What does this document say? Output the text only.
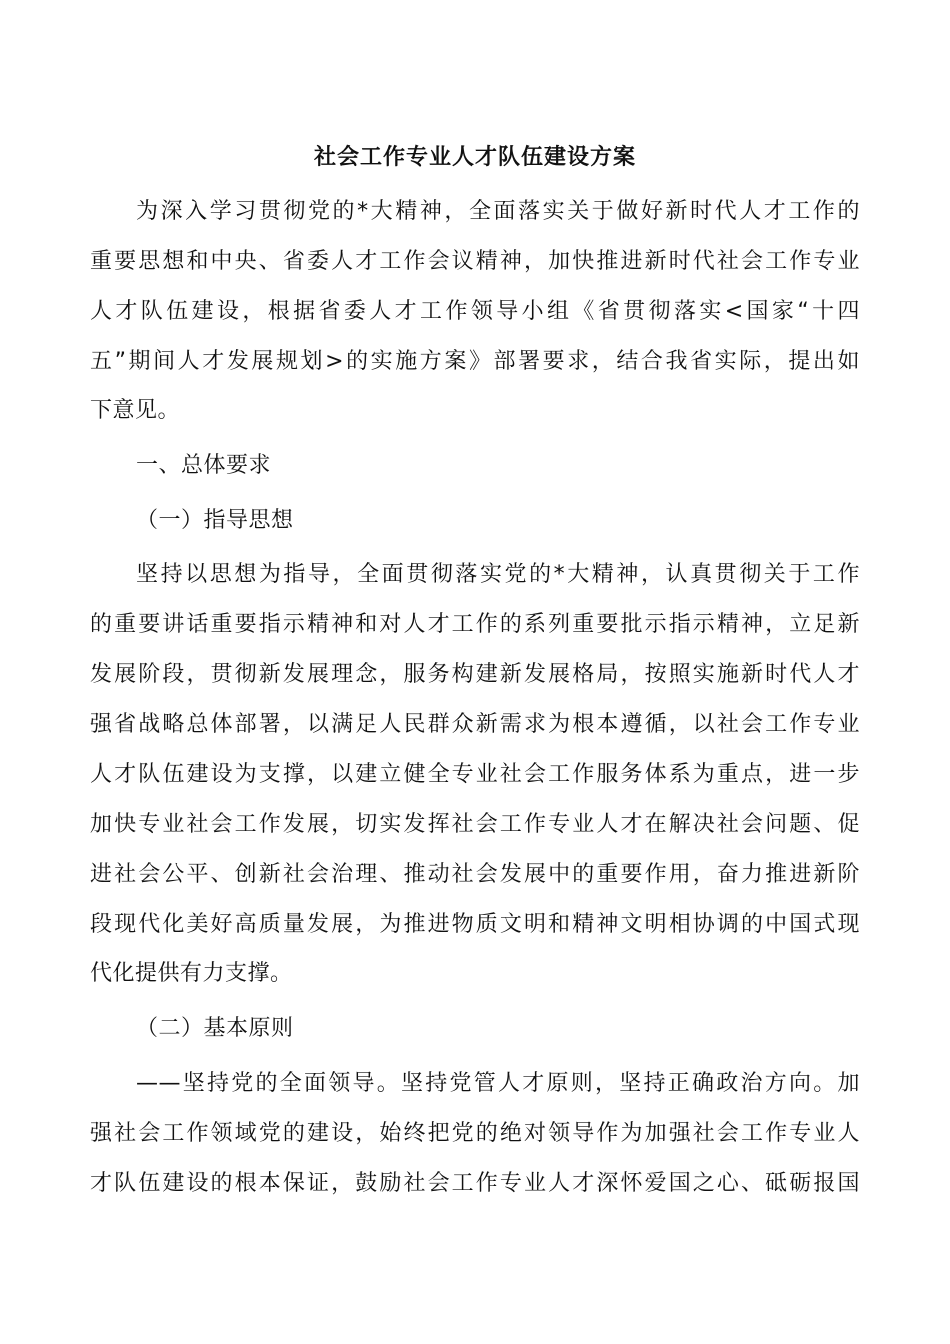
社会工作专业人才队伍建设方案
为深入学习贯彻党的*大精神，全面落实关于做好新时代人才工作的
重要思想和中央、省委人才工作会议精神，加快推进新时代社会工作专业
人才队伍建设，根据省委人才工作领导小组《省贯彻落实<国家“十四
五”期间人才发展规划>的实施方案》部署要求，结合我省实际，提出如
下意见。
一、总体要求
（一）指导思想
坚持以思想为指导，全面贯彻落实党的*大精神，认真贯彻关于工作
的重要讲话重要指示精神和对人才工作的系列重要批示指示精神，立足新
发展阶段，贯彻新发展理念，服务构建新发展格局，按照实施新时代人才
强省战略总体部署，以满足人民群众新需求为根本遵循，以社会工作专业
人才队伍建设为支撑，以建立健全专业社会工作服务体系为重点，进一步
加快专业社会工作发展，切实发挥社会工作专业人才在解决社会问题、促
进社会公平、创新社会治理、推动社会发展中的重要作用，奋力推进新阶
段现代化美好高质量发展，为推进物质文明和精神文明相协调的中国式现
代化提供有力支撑。
（二）基本原则
——坚持党的全面领导。坚持党管人才原则，坚持正确政治方向。加
强社会工作领域党的建设，始终把党的绝对领导作为加强社会工作专业人
才队伍建设的根本保证，鼓励社会工作专业人才深怀爱国之心、砥砺报国
